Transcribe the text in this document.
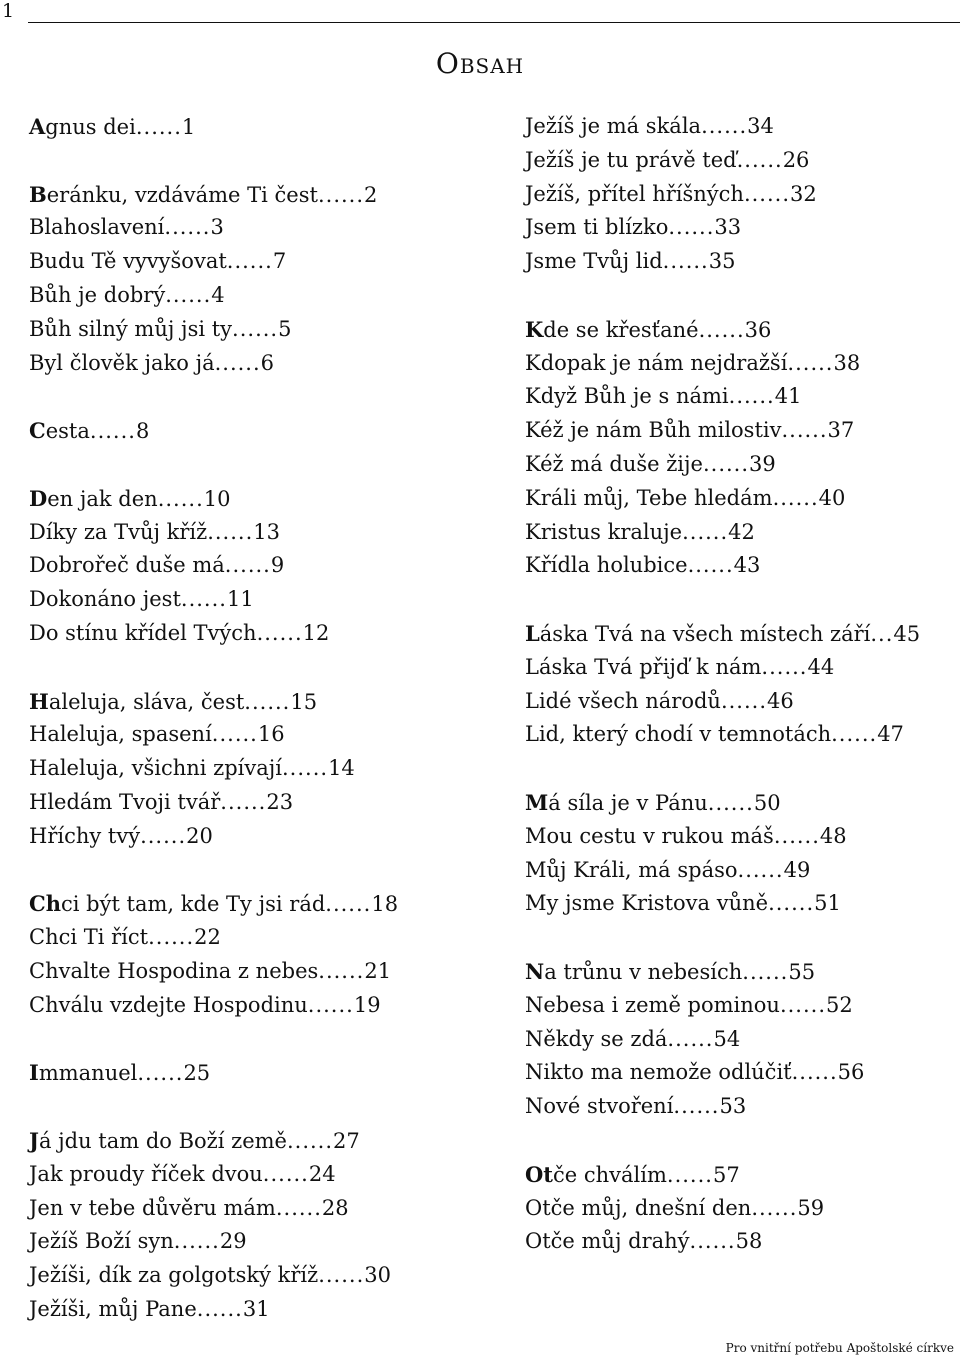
1
Obsah
Agnus dei......1
Beránku, vzdáváme Ti čest......2
Blahoslavení......3
Budu Tě vyvyšovat......7
Bůh je dobrý......4
Bůh silný můj jsi ty......5
Byl člověk jako já......6
Cesta......8
Den jak den......10
Díky za Tvůj kříž......13
Dobrořeč duše má......9
Dokonáno jest......11
Do stínu křídel Tvých......12
Haleluja, sláva, čest......15
Haleluja, spasení......16
Haleluja, všichni zpívají......14
Hledám Tvoji tvář......23
Hříchy tvý......20
Chci být tam, kde Ty jsi rád......18
Chci Ti říct......22
Chvalte Hospodina z nebes......21
Chválu vzdejte Hospodinu......19
Immanuel......25
Já jdu tam do Boží země......27
Jak proudy říček dvou......24
Jen v tebe důvěru mám......28
Ježíš Boží syn......29
Ježíši, dík za golgotský kříž......30
Ježíši, můj Pane......31
Ježíš je má skála......34
Ježíš je tu právě teď......26
Ježíš, přítel hříšných......32
Jsem ti blízko......33
Jsme Tvůj lid......35
Kde se křesťané......36
Kdopak je nám nejdražší......38
Když Bůh je s námi......41
Kéž je nám Bůh milostiv......37
Kéž má duše žije......39
Králi můj, Tebe hledám......40
Kristus kraluje......42
Křídla holubice......43
Láska Tvá na všech místech září...45
Láska Tvá přijď k nám......44
Lidé všech národů......46
Lid, který chodí v temnotách......47
Má síla je v Pánu......50
Mou cestu v rukou máš......48
Můj Králi, má spáso......49
My jsme Kristova vůně......51
Na trůnu v nebesích......55
Nebesa i země pominou......52
Někdy se zdá......54
Nikto ma nemože odlúčiť......56
Nové stvoření......53
Otče chválím......57
Otče můj, dnešní den......59
Otče můj drahý......58
Pro vnitřní potřebu Apoštolské církve
